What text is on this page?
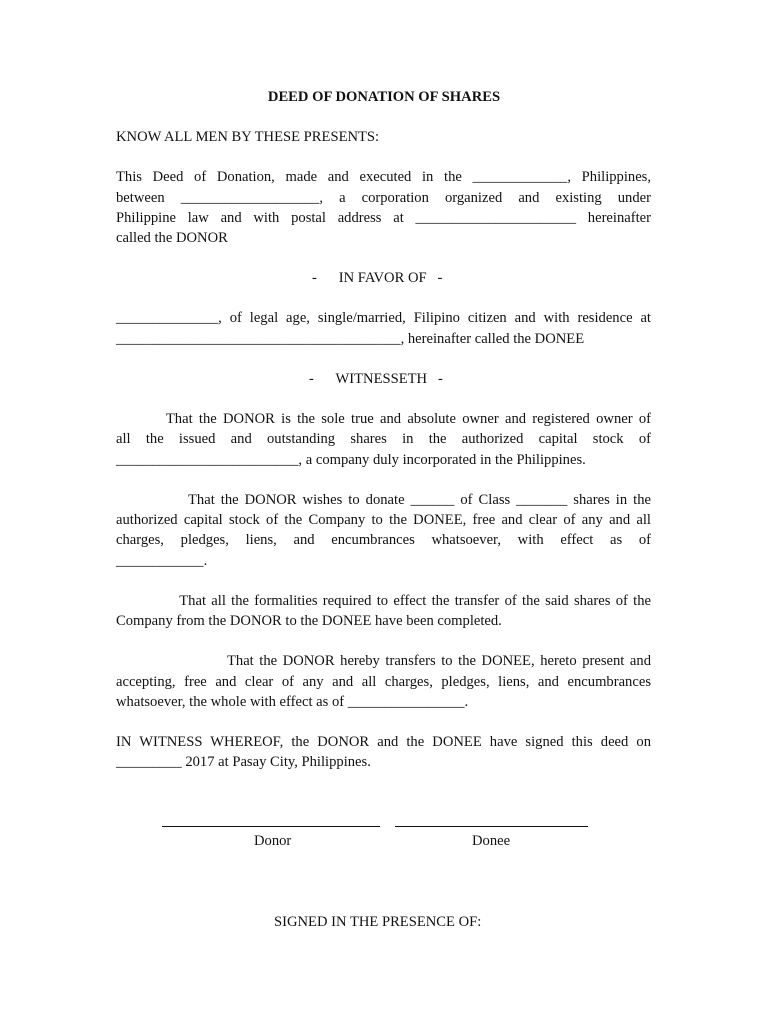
DEED OF DONATION OF SHARES
KNOW ALL MEN BY THESE PRESENTS:
This Deed of Donation, made and executed in the _____________, Philippines,
between ___________________, a corporation organized and existing under
Philippine law and with postal address at ______________________ hereinafter
called the DONOR
-      IN FAVOR OF   -
______________, of legal age, single/married, Filipino citizen and with residence at
_______________________________________, hereinafter called the DONEE
-      WITNESSETH   -
That the DONOR is the sole true and absolute owner and registered owner of
all the issued and outstanding shares in the authorized capital stock of
_________________________, a company duly incorporated in the Philippines.
That the DONOR wishes to donate ______ of Class _______ shares in the
authorized capital stock of the Company to the DONEE, free and clear of any and all
charges, pledges, liens, and encumbrances whatsoever, with effect as of
____________.
That all the formalities required to effect the transfer of the said shares of the
Company from the DONOR to the DONEE have been completed.
That the DONOR hereby transfers to the DONEE, hereto present and
accepting, free and clear of any and all charges, pledges, liens, and encumbrances
whatsoever, the whole with effect as of ________________.
IN WITNESS WHEREOF, the DONOR and the DONEE have signed this deed on
_________ 2017 at Pasay City, Philippines.
Donor	Donee
SIGNED IN THE PRESENCE OF:
